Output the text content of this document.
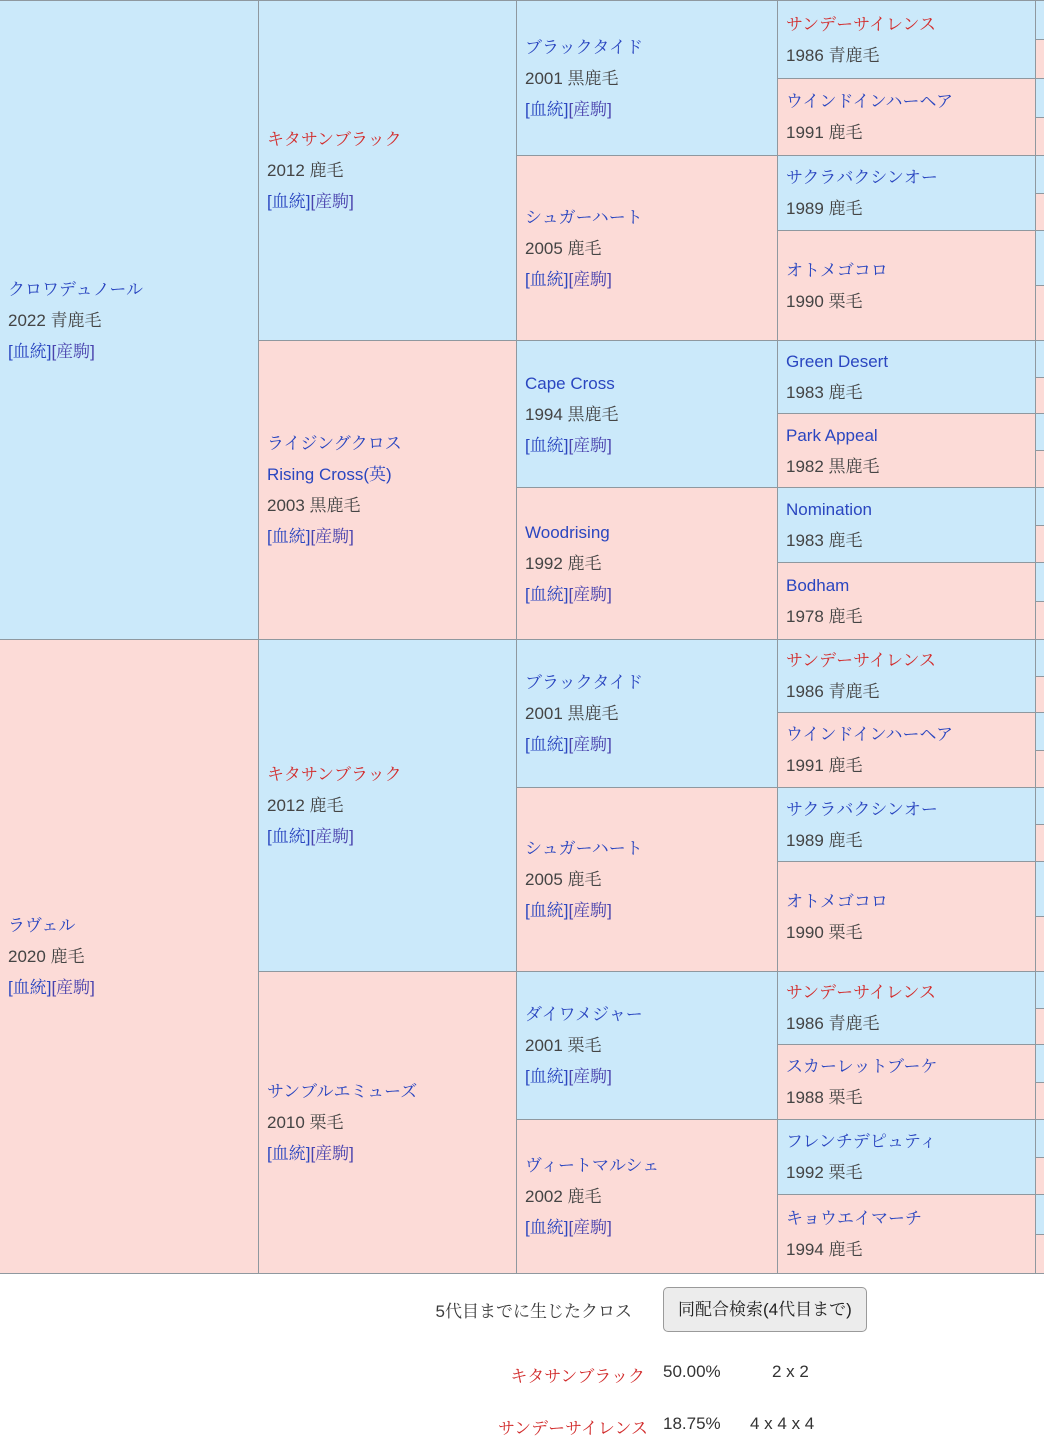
クロワデュノール
2022 青鹿毛
[血統][産駒]
ラヴェル
2020 鹿毛
[血統][産駒]
キタサンブラック
2012 鹿毛
[血統][産駒]
ライジングクロス
Rising Cross(英)
2003 黒鹿毛
[血統][産駒]
キタサンブラック
2012 鹿毛
[血統][産駒]
サンブルエミューズ
2010 栗毛
[血統][産駒]
ブラックタイド
2001 黒鹿毛
[血統][産駒]
シュガーハート
2005 鹿毛
[血統][産駒]
Cape Cross
1994 黒鹿毛
[血統][産駒]
Woodrising
1992 鹿毛
[血統][産駒]
ブラックタイド
2001 黒鹿毛
[血統][産駒]
シュガーハート
2005 鹿毛
[血統][産駒]
ダイワメジャー
2001 栗毛
[血統][産駒]
ヴィートマルシェ
2002 鹿毛
[血統][産駒]
サンデーサイレンス
1986 青鹿毛
ウインドインハーヘア
1991 鹿毛
サクラバクシンオー
1989 鹿毛
オトメゴコロ
1990 栗毛
Green Desert
1983 鹿毛
Park Appeal
1982 黒鹿毛
Nomination
1983 鹿毛
Bodham
1978 鹿毛
サンデーサイレンス
1986 青鹿毛
ウインドインハーヘア
1991 鹿毛
サクラバクシンオー
1989 鹿毛
オトメゴコロ
1990 栗毛
サンデーサイレンス
1986 青鹿毛
スカーレットブーケ
1988 栗毛
フレンチデピュティ
1992 栗毛
キョウエイマーチ
1994 鹿毛
5代目までに生じたクロス	同配合検索(4代目まで)
キタサンブラック 50.00%	2 x 2
サンデーサイレンス 18.75% 4 x 4 x 4
